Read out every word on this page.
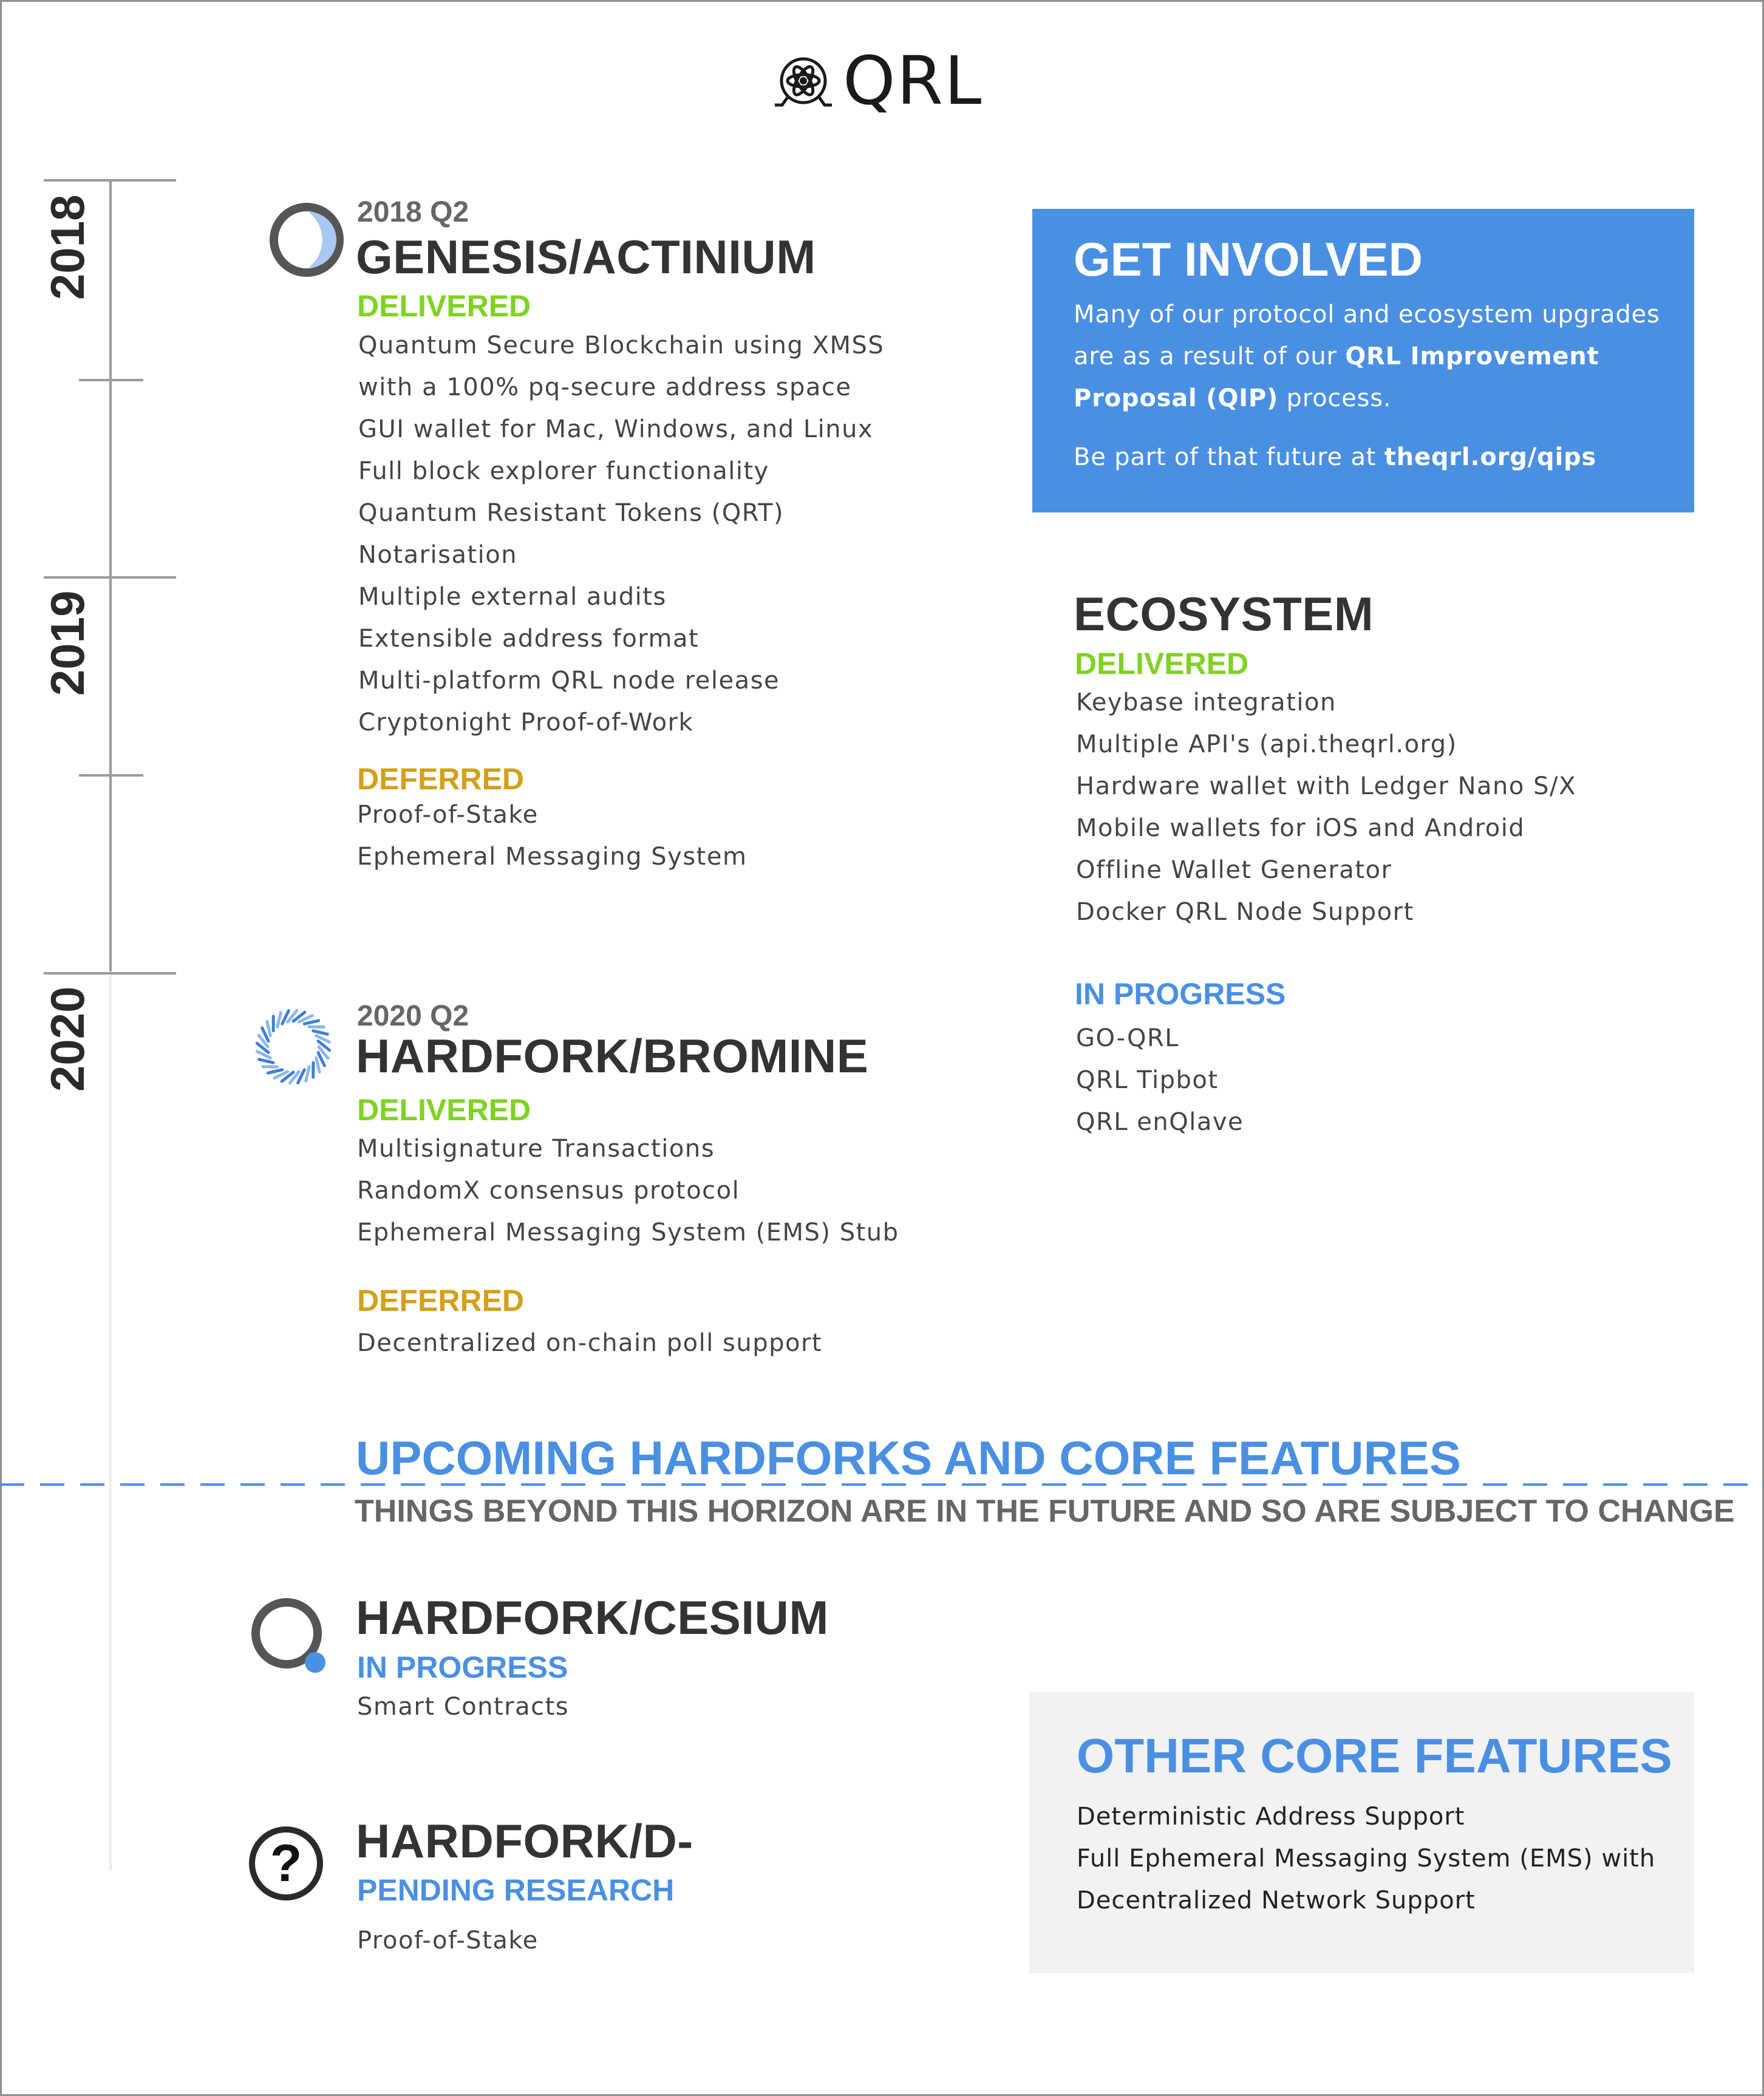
QRL
2018
2019
2020
?
2018 Q2
GENESIS/ACTINIUM
DELIVERED
Quantum Secure Blockchain using XMSS
with a 100% pq-secure address space
GUI wallet for Mac, Windows, and Linux
Full block explorer functionality
Quantum Resistant Tokens (QRT)
Notarisation
Multiple external audits
Extensible address format
Multi-platform QRL node release
Cryptonight Proof-of-Work
DEFERRED
Proof-of-Stake
Ephemeral Messaging System
2020 Q2
HARDFORK/BROMINE
DELIVERED
Multisignature Transactions
RandomX consensus protocol
Ephemeral Messaging System (EMS) Stub
DEFERRED
Decentralized on-chain poll support
GET INVOLVED
Many of our protocol and ecosystem upgrades
are as a result of our QRL Improvement
Proposal (QIP) process.
Be part of that future at theqrl.org/qips
ECOSYSTEM
DELIVERED
Keybase integration
Multiple API's (api.theqrl.org)
Hardware wallet with Ledger Nano S/X
Mobile wallets for iOS and Android
Offline Wallet Generator
Docker QRL Node Support
IN PROGRESS
GO-QRL
QRL Tipbot
QRL enQlave
UPCOMING HARDFORKS AND CORE FEATURES
THINGS BEYOND THIS HORIZON ARE IN THE FUTURE AND SO ARE SUBJECT TO CHANGE
HARDFORK/CESIUM
IN PROGRESS
Smart Contracts
HARDFORK/D-
PENDING RESEARCH
Proof-of-Stake
OTHER CORE FEATURES
Deterministic Address Support
Full Ephemeral Messaging System (EMS) with
Decentralized Network Support
